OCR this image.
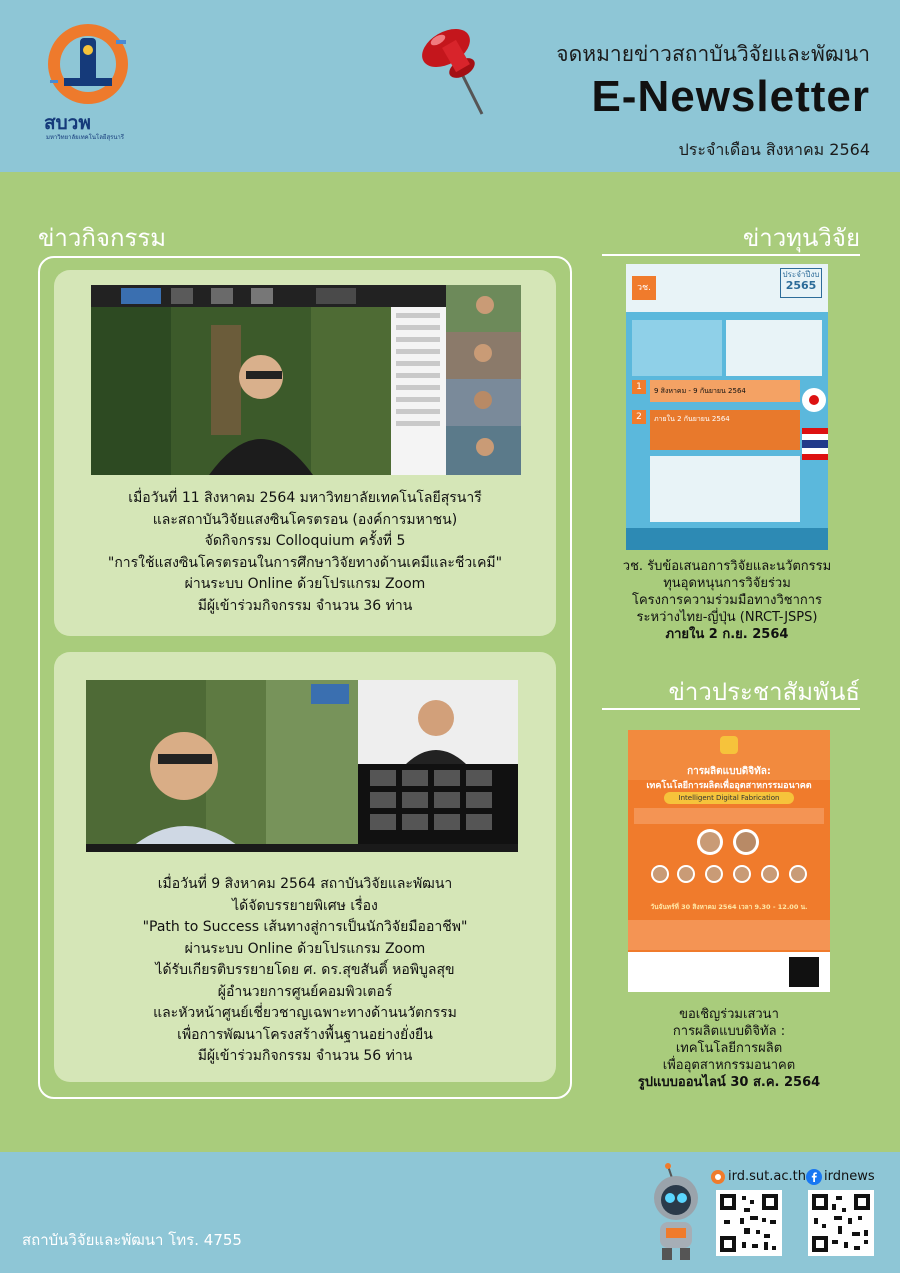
สบวพ
มหาวิทยาลัยเทคโนโลยีสุรนารี
จดหมายข่าวสถาบันวิจัยและพัฒนา
E-Newsletter
ประจำเดือน สิงหาคม 2564
ข่าวกิจกรรม	ข่าวทุนวิจัย
ข่าวประชาสัมพันธ์
เมื่อวันที่ 11 สิงหาคม 2564 มหาวิทยาลัยเทคโนโลยีสุรนารี
และสถาบันวิจัยแสงซินโครตรอน (องค์การมหาชน)
จัดกิจกรรม Colloquium ครั้งที่ 5
"การใช้แสงซินโครตรอนในการศึกษาวิจัยทางด้านเคมีและชีวเคมี"
ผ่านระบบ Online ด้วยโปรแกรม Zoom
มีผู้เข้าร่วมกิจกรรม จำนวน 36 ท่าน
เมื่อวันที่ 9 สิงหาคม 2564 สถาบันวิจัยและพัฒนา
ได้จัดบรรยายพิเศษ เรื่อง
"Path to Success เส้นทางสู่การเป็นนักวิจัยมืออาชีพ"
ผ่านระบบ Online ด้วยโปรแกรม Zoom
ได้รับเกียรติบรรยายโดย ศ. ดร.สุขสันติ์ หอพิบูลสุข
ผู้อำนวยการศูนย์คอมพิวเตอร์
และหัวหน้าศูนย์เชี่ยวชาญเฉพาะทางด้านนวัตกรรม
เพื่อการพัฒนาโครงสร้างพื้นฐานอย่างยั่งยืน
มีผู้เข้าร่วมกิจกรรม จำนวน 56 ท่าน
วช.
ประจำปีงบ
2565
1	9 สิงหาคม - 9 กันยายน 2564
2	ภายใน 2 กันยายน 2564
วช. รับข้อเสนอการวิจัยและนวัตกรรม
ทุนอุดหนุนการวิจัยร่วม
โครงการความร่วมมือทางวิชาการ
ระหว่างไทย-ญี่ปุ่น (NRCT-JSPS)
ภายใน 2 ก.ย. 2564
การผลิตแบบดิจิทัล:
เทคโนโลยีการผลิตเพื่ออุตสาหกรรมอนาคต
Intelligent Digital Fabrication
วันจันทร์ที่ 30 สิงหาคม 2564 เวลา 9.30 - 12.00 น.
ขอเชิญร่วมเสวนา
การผลิตแบบดิจิทัล :
เทคโนโลยีการผลิต
เพื่ออุตสาหกรรมอนาคต
รูปแบบออนไลน์ 30 ส.ค. 2564
สถาบันวิจัยและพัฒนา โทร. 4755
ird.sut.ac.th irdnews
